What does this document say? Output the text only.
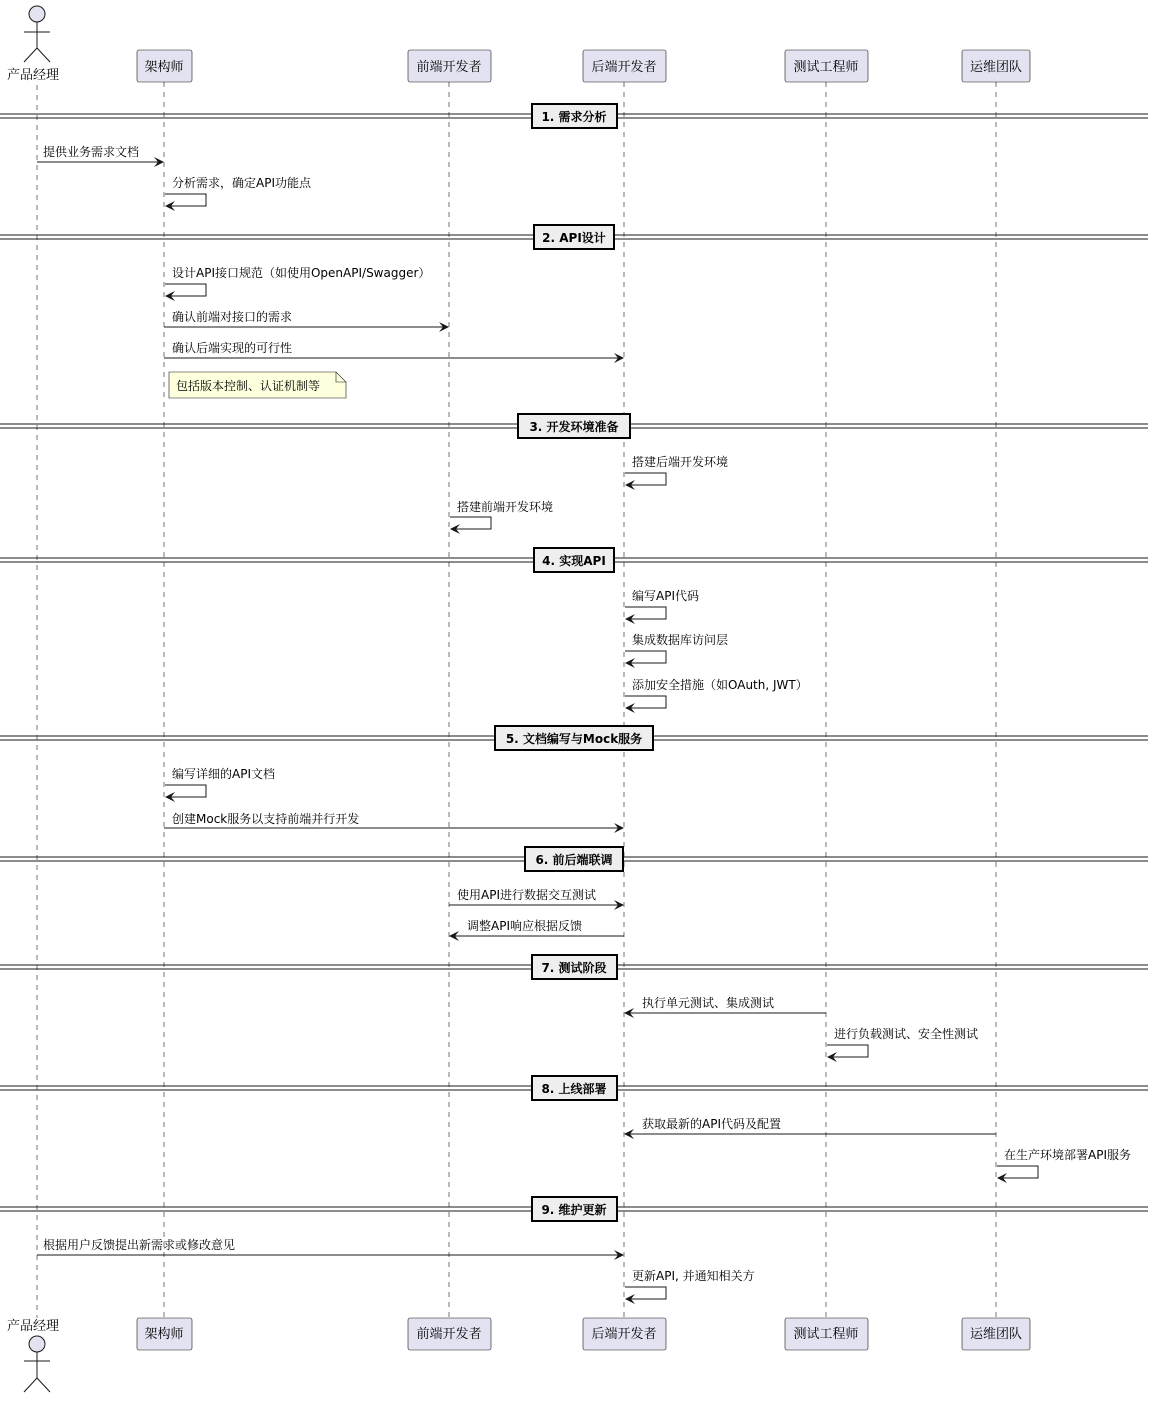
产品经理
架构师	前端开发者	后端开发者	测试工程师	运维团队
产品经理
架构师	前端开发者	后端开发者	测试工程师	运维团队
1. 需求分析
2. API设计
3. 开发环境准备
4. 实现API
5. 文档编写与Mock服务
6. 前后端联调
7. 测试阶段
8. 上线部署
9. 维护更新
提供业务需求文档
分析需求，确定API功能点
设计API接口规范（如使用OpenAPI/Swagger）
确认前端对接口的需求
确认后端实现的可行性
包括版本控制、认证机制等
搭建后端开发环境
搭建前端开发环境
编写API代码
集成数据库访问层
添加安全措施（如OAuth, JWT）
编写详细的API文档
创建Mock服务以支持前端并行开发
使用API进行数据交互测试
调整API响应根据反馈
执行单元测试、集成测试
进行负载测试、安全性测试
获取最新的API代码及配置
在生产环境部署API服务
根据用户反馈提出新需求或修改意见
更新API, 并通知相关方
